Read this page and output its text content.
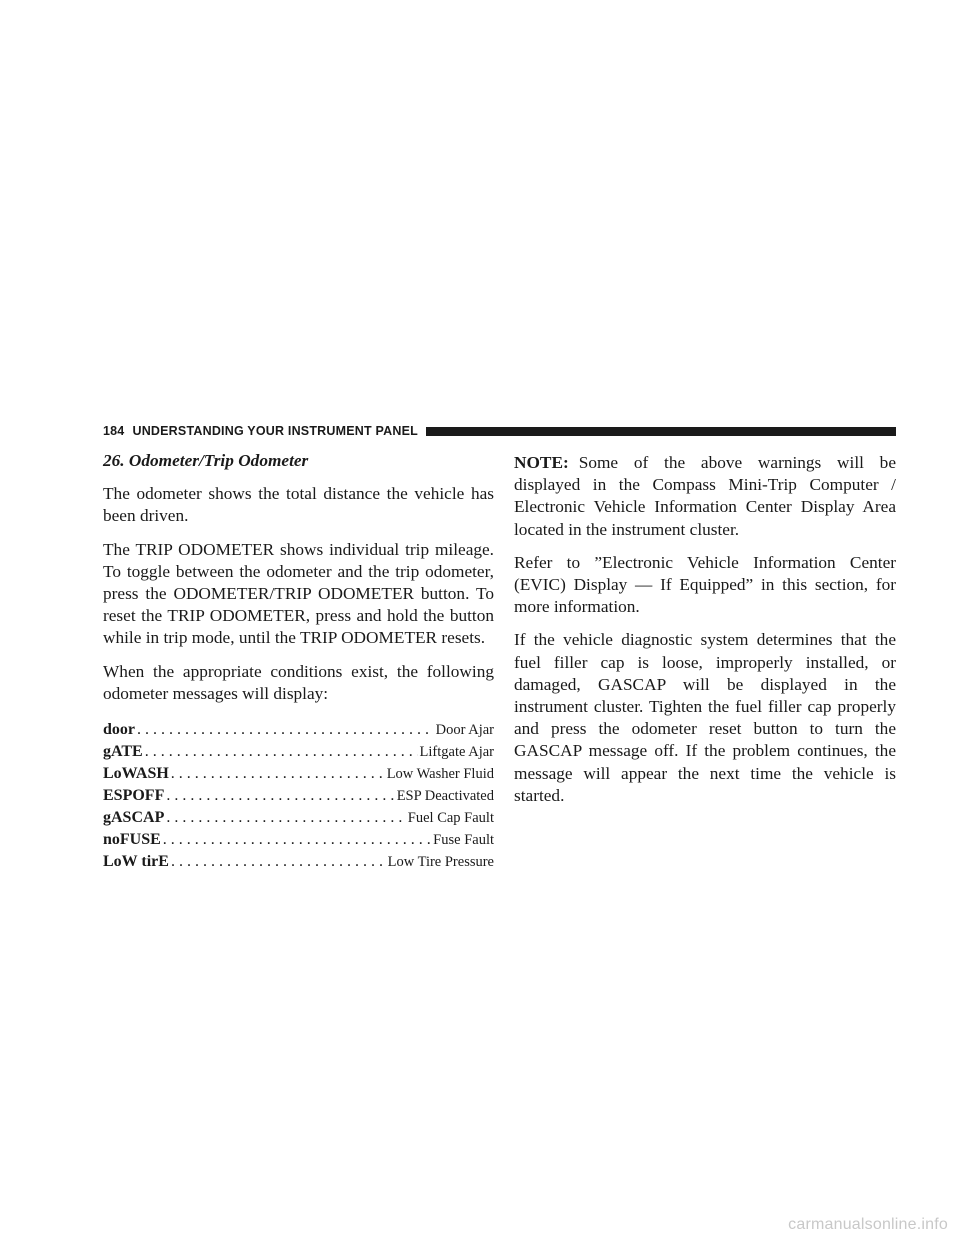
184 UNDERSTANDING YOUR INSTRUMENT PANEL

26. Odometer/Trip Odometer

The odometer shows the total distance the vehicle has been driven.

The TRIP ODOMETER shows individual trip mileage. To toggle between the odometer and the trip odometer, press the ODOMETER/TRIP ODOMETER button. To reset the TRIP ODOMETER, press and hold the button while in trip mode, until the TRIP ODOMETER resets.

When the appropriate conditions exist, the following odometer messages will display:

door . . .	Door Ajar
gATE . . .	Liftgate Ajar
LoWASH . . .	Low Washer Fluid
ESPOFF . . .	ESP Deactivated
gASCAP . . .	Fuel Cap Fault
noFUSE . . .	Fuse Fault
LoW tirE . . .	Low Tire Pressure

NOTE: Some of the above warnings will be displayed in the Compass Mini-Trip Computer / Electronic Vehicle Information Center Display Area located in the instrument cluster.

Refer to ”Electronic Vehicle Information Center (EVIC) Display — If Equipped” in this section, for more information.

If the vehicle diagnostic system determines that the fuel filler cap is loose, improperly installed, or damaged, GASCAP will be displayed in the instrument cluster. Tighten the fuel filler cap properly and press the odometer reset button to turn the GASCAP message off. If the problem continues, the message will appear the next time the vehicle is started.

carmanualsonline.info
